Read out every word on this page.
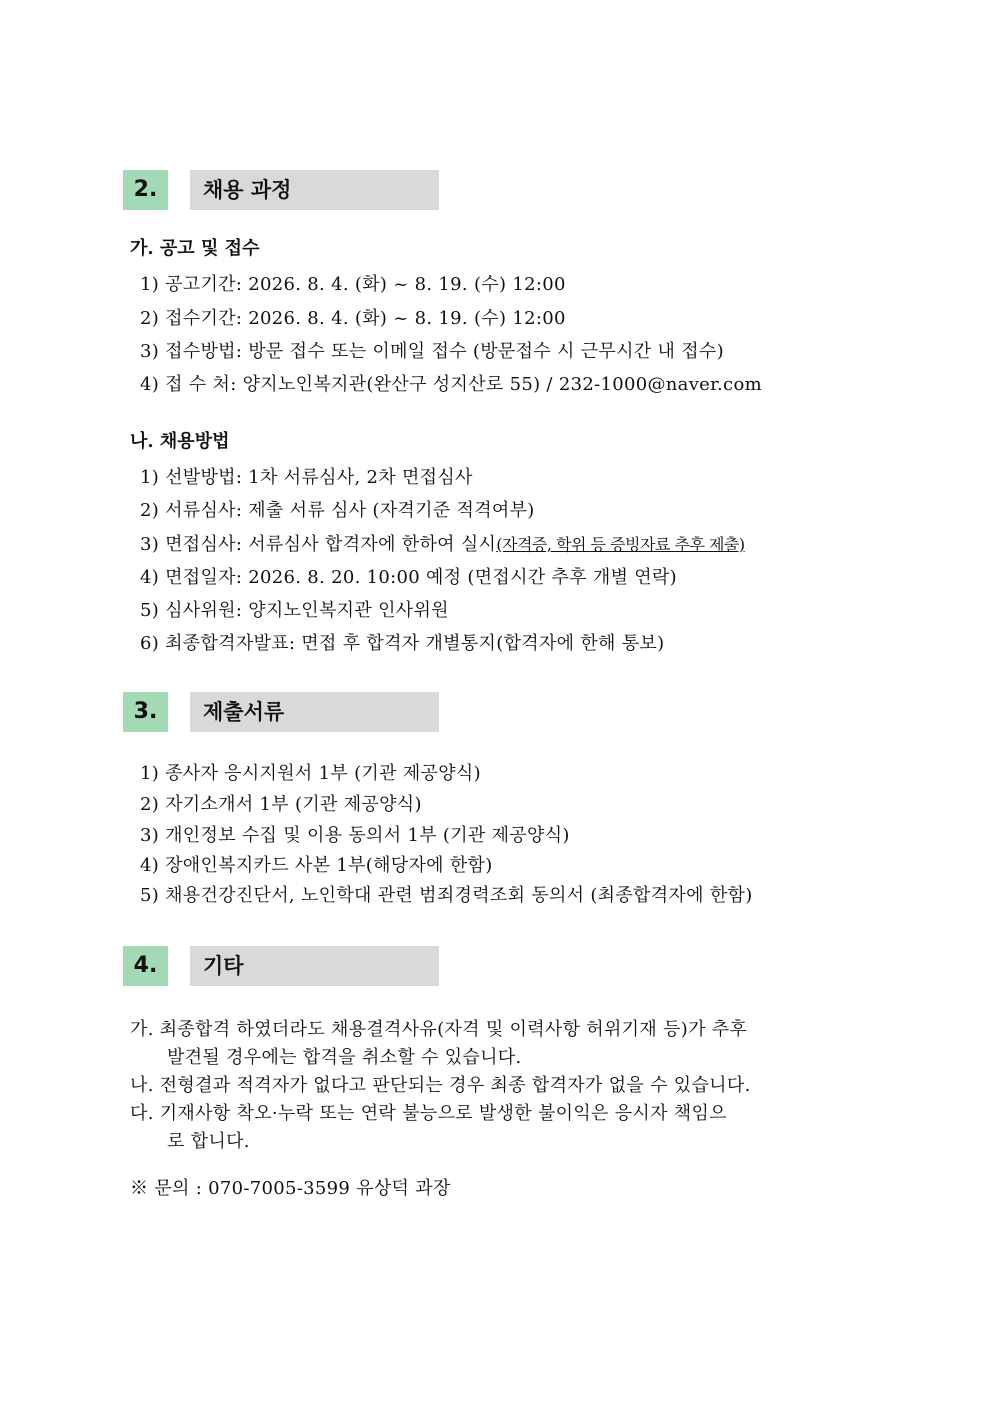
2.	채용 과정
가. 공고 및 접수
1) 공고기간: 2026. 8. 4. (화) ~ 8. 19. (수) 12:00
2) 접수기간: 2026. 8. 4. (화) ~ 8. 19. (수) 12:00
3) 접수방법: 방문 접수 또는 이메일 접수 (방문접수 시 근무시간 내 접수)
4) 접 수 처: 양지노인복지관(완산구 성지산로 55) / 232-1000@naver.com
나. 채용방법
1) 선발방법: 1차 서류심사, 2차 면접심사
2) 서류심사: 제출 서류 심사 (자격기준 적격여부)
3) 면접심사: 서류심사 합격자에 한하여 실시(자격증, 학위 등 증빙자료 추후 제출)
4) 면접일자: 2026. 8. 20. 10:00 예정 (면접시간 추후 개별 연락)
5) 심사위원: 양지노인복지관 인사위원
6) 최종합격자발표: 면접 후 합격자 개별통지(합격자에 한해 통보)
3.	제출서류
1) 종사자 응시지원서 1부 (기관 제공양식)
2) 자기소개서 1부 (기관 제공양식)
3) 개인정보 수집 및 이용 동의서 1부 (기관 제공양식)
4) 장애인복지카드 사본 1부(해당자에 한함)
5) 채용건강진단서, 노인학대 관련 범죄경력조회 동의서 (최종합격자에 한함)
4.	기타
가. 최종합격 하였더라도 채용결격사유(자격 및 이력사항 허위기재 등)가 추후
발견될 경우에는 합격을 취소할 수 있습니다.
나. 전형결과 적격자가 없다고 판단되는 경우 최종 합격자가 없을 수 있습니다.
다. 기재사항 착오·누락 또는 연락 불능으로 발생한 불이익은 응시자 책임으
로 합니다.
※ 문의 : 070-7005-3599 유상덕 과장
